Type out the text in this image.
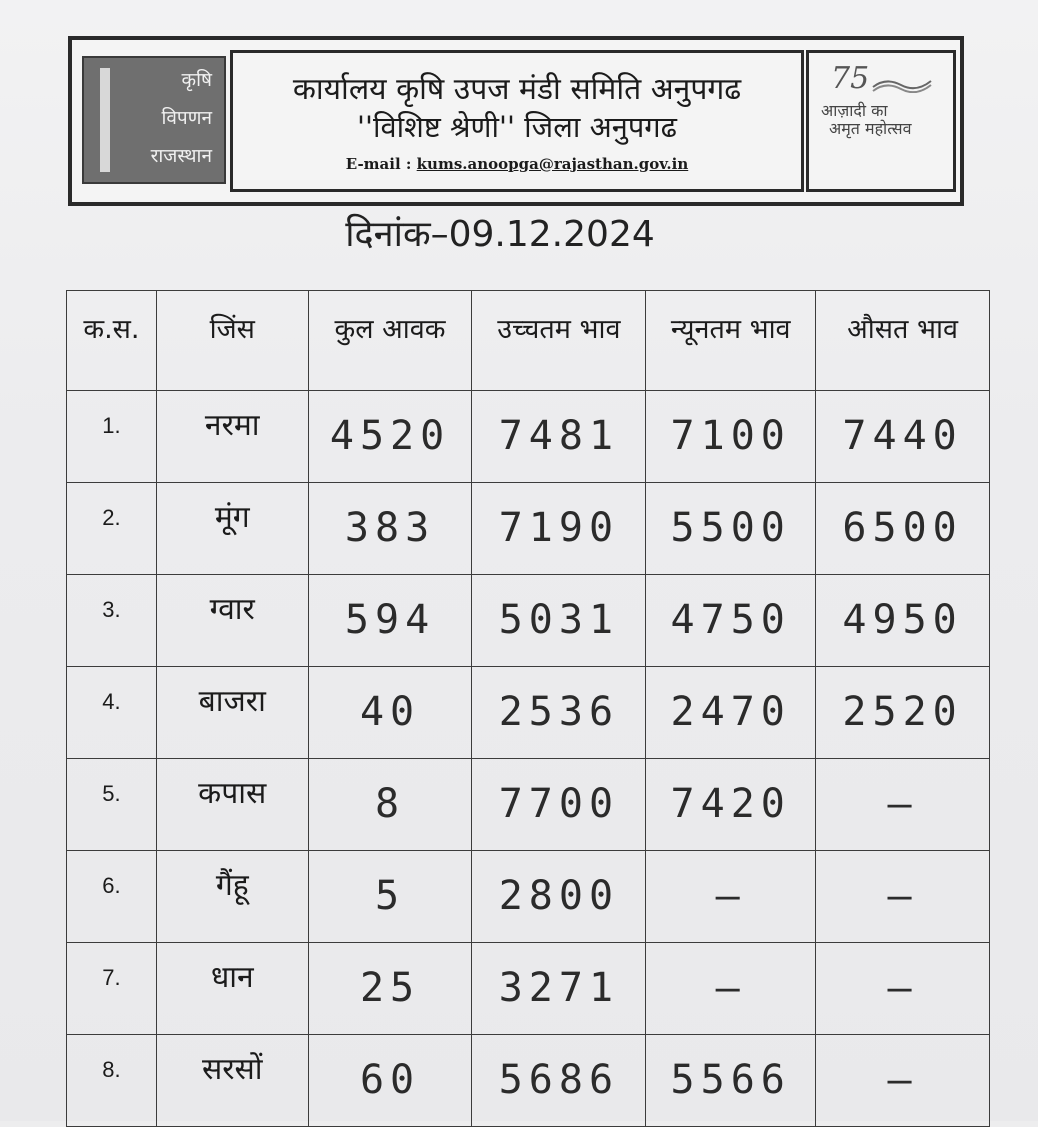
कृषि
विपणन
राजस्थान
कार्यालय कृषि उपज मंडी समिति अनुपगढ
''विशिष्ट श्रेणी'' जिला अनुपगढ
E-mail : kums.anoopga@rajasthan.gov.in
75
आज़ादी का
अमृत महोत्सव
दिनांक–09.12.2024
क.स.	जिंस	कुल आवक	उच्चतम भाव	न्यूनतम भाव	औसत भाव
1.	नरमा	4520	7481	7100	7440
2.	मूंग	383	7190	5500	6500
3.	ग्वार	594	5031	4750	4950
4.	बाजरा	40	2536	2470	2520
5.	कपास	8	7700	7420	—
6.	गैंहू	5	2800	—	—
7.	धान	25	3271	—	—
8.	सरसों	60	5686	5566	—
